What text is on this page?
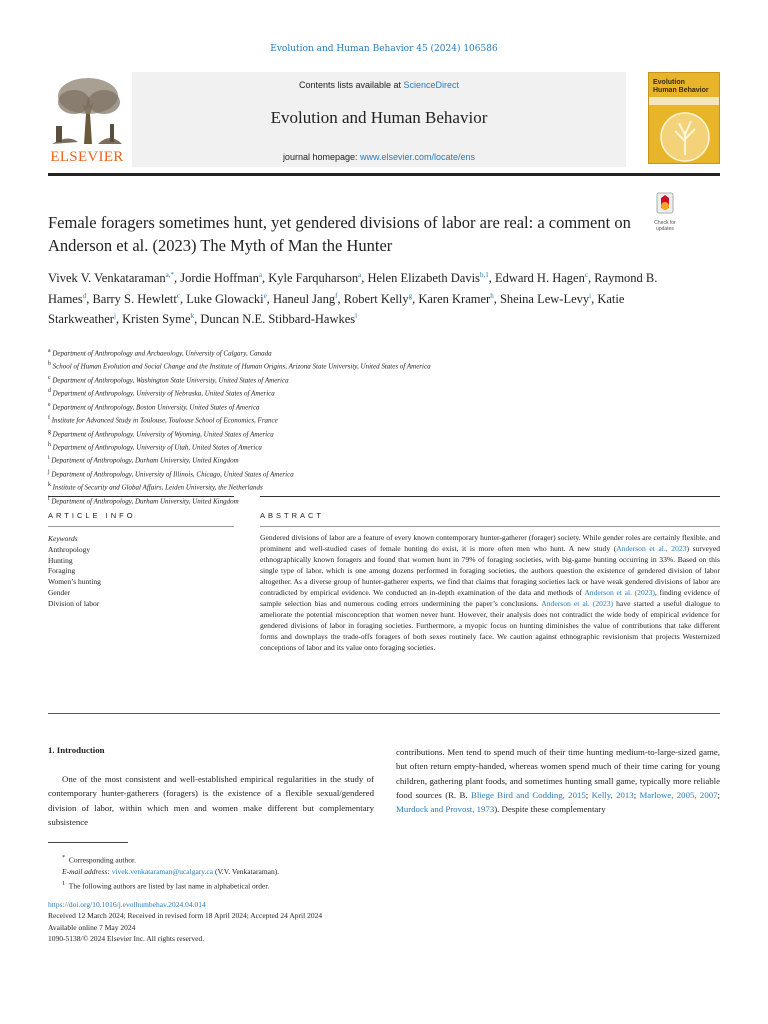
Evolution and Human Behavior 45 (2024) 106586
ELSEVIER
Contents lists available at ScienceDirect
Evolution and Human Behavior
journal homepage: www.elsevier.com/locate/ens
Evolution
Human Behavior
Female foragers sometimes hunt, yet gendered divisions of labor are real: a comment on Anderson et al. (2023) The Myth of Man the Hunter
Check for updates
Vivek V. Venkataraman$^{a,*}$, Jordie Hoffman$^a$, Kyle Farquharson$^a$, Helen Elizabeth Davis$^{b,1}$, Edward H. Hagen$^c$, Raymond B. Hames$^d$, Barry S. Hewlett$^c$, Luke Glowacki$^e$, Haneul Jang$^f$, Robert Kelly$^g$, Karen Kramer$^h$, Sheina Lew-Levy$^i$, Katie Starkweather$^j$, Kristen Syme$^k$, Duncan N.E. Stibbard-Hawkes$^l$
$^a$ Department of Anthropology and Archaeology, University of Calgary, Canada
$^b$ School of Human Evolution and Social Change and the Institute of Human Origins, Arizona State University, United States of America
$^c$ Department of Anthropology, Washington State University, United States of America
$^d$ Department of Anthropology, University of Nebraska, United States of America
$^e$ Department of Anthropology, Boston University, United States of America
$^f$ Institute for Advanced Study in Toulouse, Toulouse School of Economics, France
$^g$ Department of Anthropology, University of Wyoming, United States of America
$^h$ Department of Anthropology, University of Utah, United States of America
$^i$ Department of Anthropology, Durham University, United Kingdom
$^j$ Department of Anthropology, University of Illinois, Chicago, United States of America
$^k$ Institute of Security and Global Affairs, Leiden University, the Netherlands
$^l$ Department of Anthropology, Durham University, United Kingdom
ARTICLE INFO	ABSTRACT
Keywords
Anthropology
Hunting
Foraging
Women’s hunting
Gender
Division of labor
Gendered divisions of labor are a feature of every known contemporary hunter-gatherer (forager) society. While gender roles are certainly flexible, and prominent and well-studied cases of female hunting do exist, it is more often men who hunt. A new study (Anderson et al., 2023) surveyed ethnographically known foragers and found that women hunt in 79% of foraging societies, with big-game hunting occurring in 33%. Based on this single type of labor, which is one among dozens performed in foraging societies, the authors question the existence of gendered division of labor altogether. As a diverse group of hunter-gatherer experts, we find that claims that foraging societies lack or have weak gendered divisions of labor are contradicted by empirical evidence. We conducted an in-depth examination of the data and methods of Anderson et al. (2023), finding evidence of sample selection bias and numerous coding errors undermining the paper’s conclusions. Anderson et al. (2023) have started a useful dialogue to ameliorate the potential misconception that women never hunt. However, their analysis does not contradict the wide body of empirical evidence for gendered divisions of labor in foraging societies. Furthermore, a myopic focus on hunting diminishes the value of contributions that take different forms and downplays the trade-offs foragers of both sexes routinely face. We caution against ethnographic revisionism that projects Westernized conceptions of labor and its value onto foraging societies.
1. Introduction
One of the most consistent and well-established empirical regularities in the study of contemporary hunter-gatherers (foragers) is the existence of a flexible sexual/gendered division of labor, within which men and women make different but complementary subsistence
contributions. Men tend to spend much of their time hunting medium-to-large-sized game, but often return empty-handed, whereas women spend much of their time caring for young children, gathering plant foods, and sometimes hunting small game, typically more reliable food sources (R. B. Bliege Bird and Codding, 2015; Kelly, 2013; Marlowe, 2005, 2007; Murdock and Provost, 1973). Despite these complementary
* Corresponding author.
E-mail address: vivek.venkataraman@ucalgary.ca (V.V. Venkataraman).
$^1$ The following authors are listed by last name in alphabetical order.
https://doi.org/10.1016/j.evolhumbehav.2024.04.014
Received 12 March 2024; Received in revised form 18 April 2024; Accepted 24 April 2024
Available online 7 May 2024
1090-5138/© 2024 Elsevier Inc. All rights reserved.
